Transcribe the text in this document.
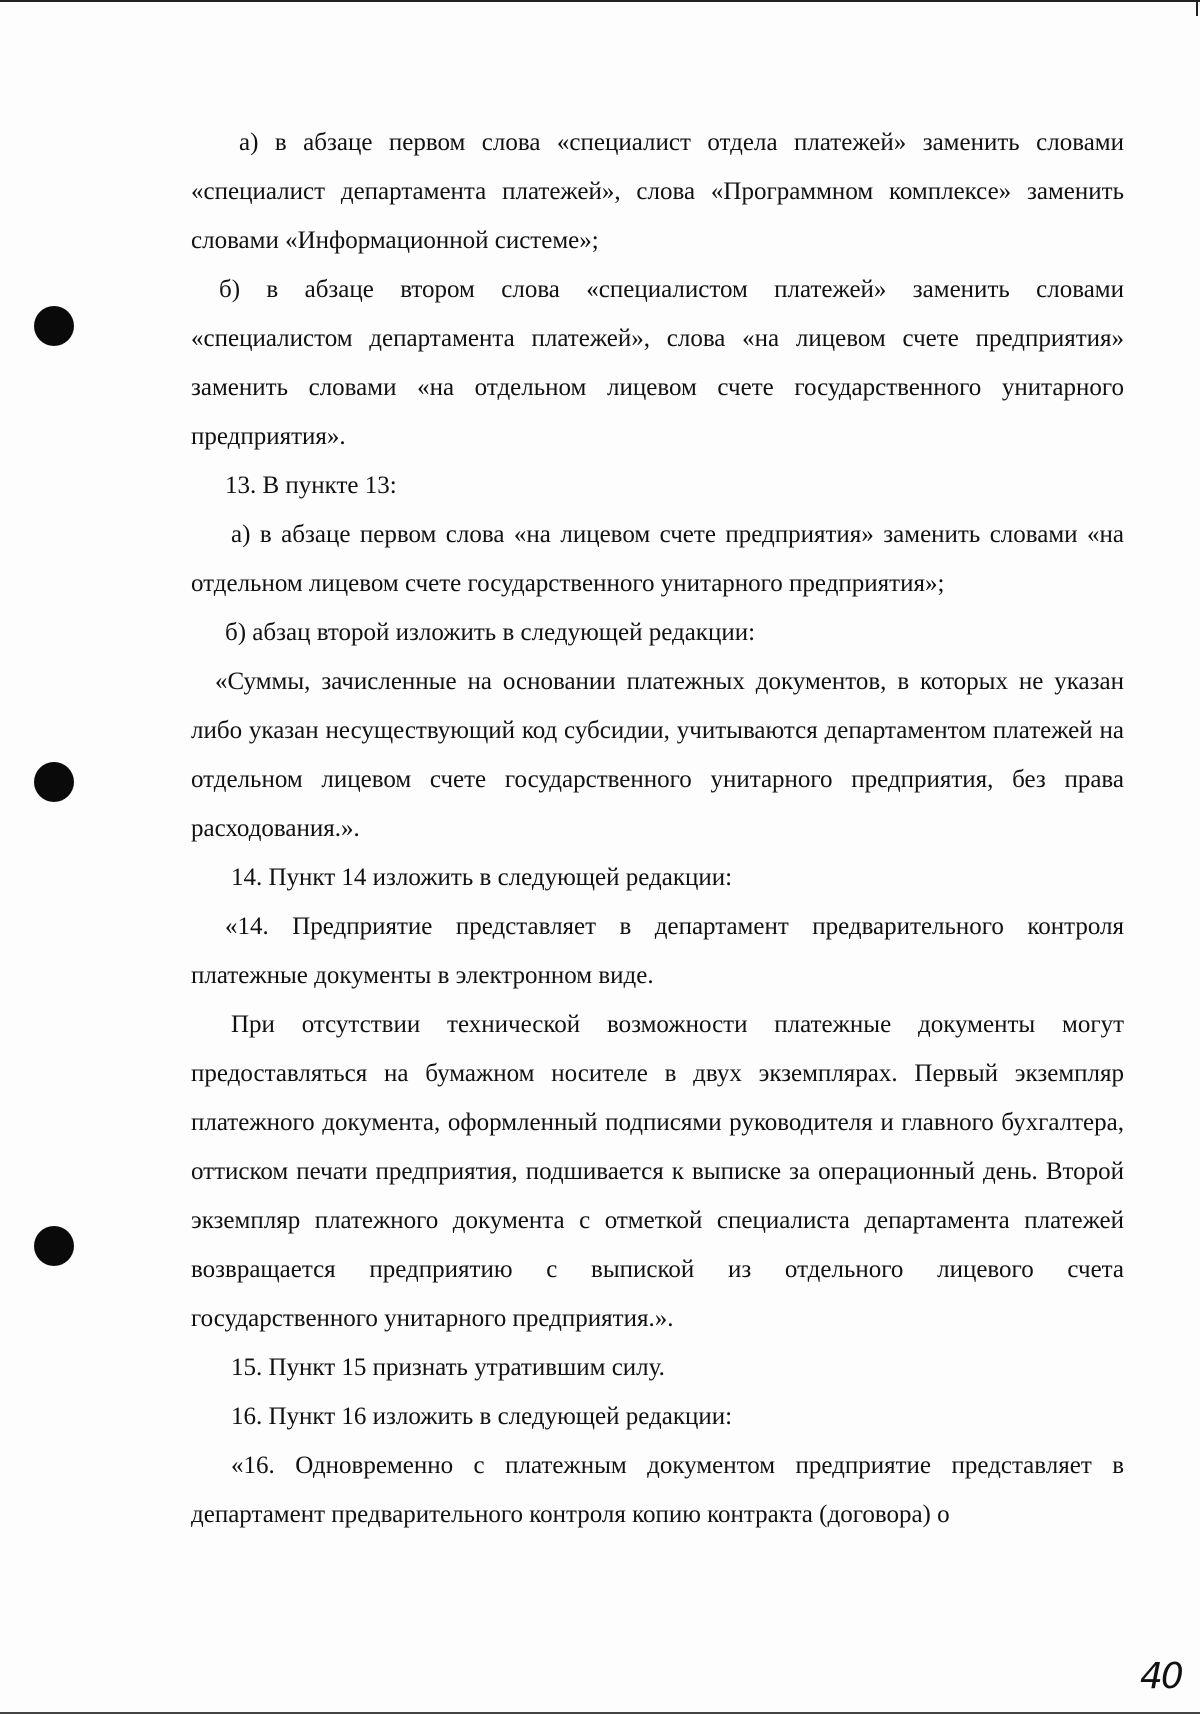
а) в абзаце первом слова «специалист отдела платежей» заменить словами «специалист департамента платежей», слова «Программном комплексе» заменить словами «Информационной системе»;

б) в абзаце втором слова «специалистом платежей» заменить словами «специалистом департамента платежей», слова «на лицевом счете предприятия» заменить словами «на отдельном лицевом счете государственного унитарного предприятия».

13. В пункте 13:

а) в абзаце первом слова «на лицевом счете предприятия» заменить словами «на отдельном лицевом счете государственного унитарного предприятия»;

б) абзац второй изложить в следующей редакции:

«Суммы, зачисленные на основании платежных документов, в которых не указан либо указан несуществующий код субсидии, учитываются департаментом платежей на отдельном лицевом счете государственного унитарного предприятия, без права расходования.».

14. Пункт 14 изложить в следующей редакции:

«14. Предприятие представляет в департамент предварительного контроля платежные документы в электронном виде.

При отсутствии технической возможности платежные документы могут предоставляться на бумажном носителе в двух экземплярах. Первый экземпляр платежного документа, оформленный подписями руководителя и главного бухгалтера, оттиском печати предприятия, подшивается к выписке за операционный день. Второй экземпляр платежного документа с отметкой специалиста департамента платежей возвращается предприятию с выпиской из отдельного лицевого счета государственного унитарного предприятия.».

15. Пункт 15 признать утратившим силу.

16. Пункт 16 изложить в следующей редакции:

«16. Одновременно с платежным документом предприятие представляет в департамент предварительного контроля копию контракта (договора) о

40
